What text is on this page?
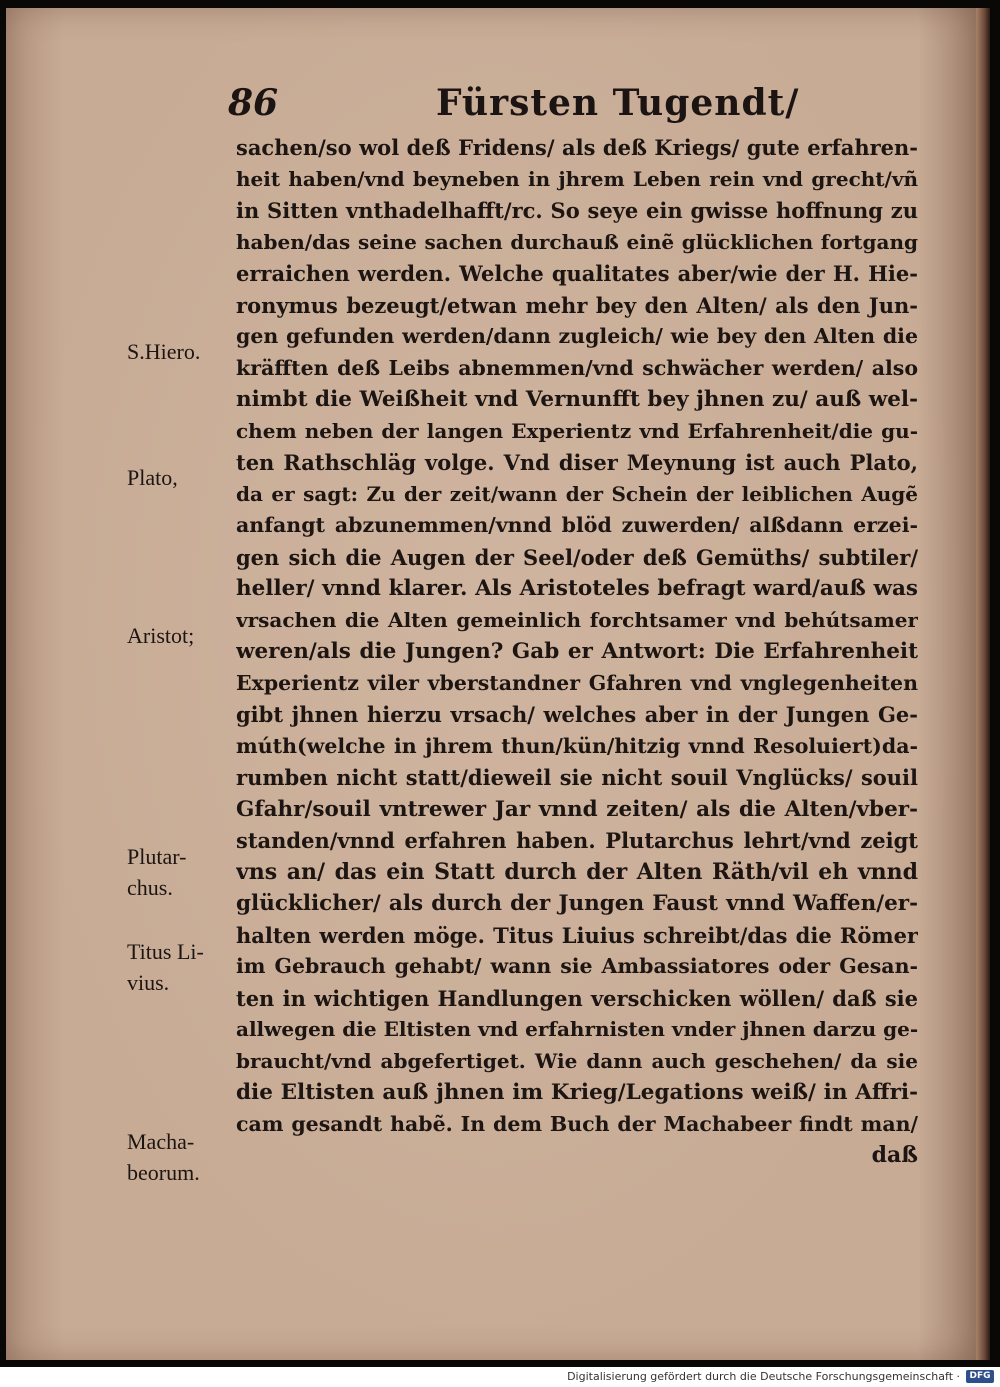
86	Fürsten Tugendt/
sachen/so wol deß Fridens/ als deß Kriegs/ gute erfahren-
heit haben/vnd beyneben in jhrem Leben rein vnd grecht/vñ
in Sitten vnthadelhafft/rc. So seye ein gwisse hoffnung zu
haben/das seine sachen durchauß einẽ glücklichen fortgang
erraichen werden. Welche qualitates aber/wie der H. Hie-
ronymus bezeugt/etwan mehr bey den Alten/ als den Jun-
gen gefunden werden/dann zugleich/ wie bey den Alten die
kräfften deß Leibs abnemmen/vnd schwächer werden/ also
nimbt die Weißheit vnd Vernunfft bey jhnen zu/ auß wel-
chem neben der langen Experientz vnd Erfahrenheit/die gu-
ten Rathschläg volge. Vnd diser Meynung ist auch Plato,
da er sagt: Zu der zeit/wann der Schein der leiblichen Augẽ
anfangt abzunemmen/vnnd blöd zuwerden/ alßdann erzei-
gen sich die Augen der Seel/oder deß Gemüths/ subtiler/
heller/ vnnd klarer. Als Aristoteles befragt ward/auß was
vrsachen die Alten gemeinlich forchtsamer vnd behútsamer
weren/als die Jungen? Gab er Antwort: Die Erfahrenheit
Experientz viler vberstandner Gfahren vnd vnglegenheiten
gibt jhnen hierzu vrsach/ welches aber in der Jungen Ge-
múth(welche in jhrem thun/kün/hitzig vnnd Resoluiert)da-
rumben nicht statt/dieweil sie nicht souil Vnglücks/ souil
Gfahr/souil vntrewer Jar vnnd zeiten/ als die Alten/vber-
standen/vnnd erfahren haben. Plutarchus lehrt/vnd zeigt
vns an/ das ein Statt durch der Alten Räth/vil eh vnnd
glücklicher/ als durch der Jungen Faust vnnd Waffen/er-
halten werden möge. Titus Liuius schreibt/das die Römer
im Gebrauch gehabt/ wann sie Ambassiatores oder Gesan-
ten in wichtigen Handlungen verschicken wöllen/ daß sie
allwegen die Eltisten vnd erfahrnisten vnder jhnen darzu ge-
braucht/vnd abgefertiget. Wie dann auch geschehen/ da sie
die Eltisten auß jhnen im Krieg/Legations weiß/ in Affri-
cam gesandt habẽ. In dem Buch der Machabeer findt man/
daß
S.Hiero.
Plato,
Aristot;
Plutar-
chus.
Titus Li-
vius.
Macha-
beorum.
Digitalisierung gefördert durch die Deutsche Forschungsgemeinschaft ·	DFG
